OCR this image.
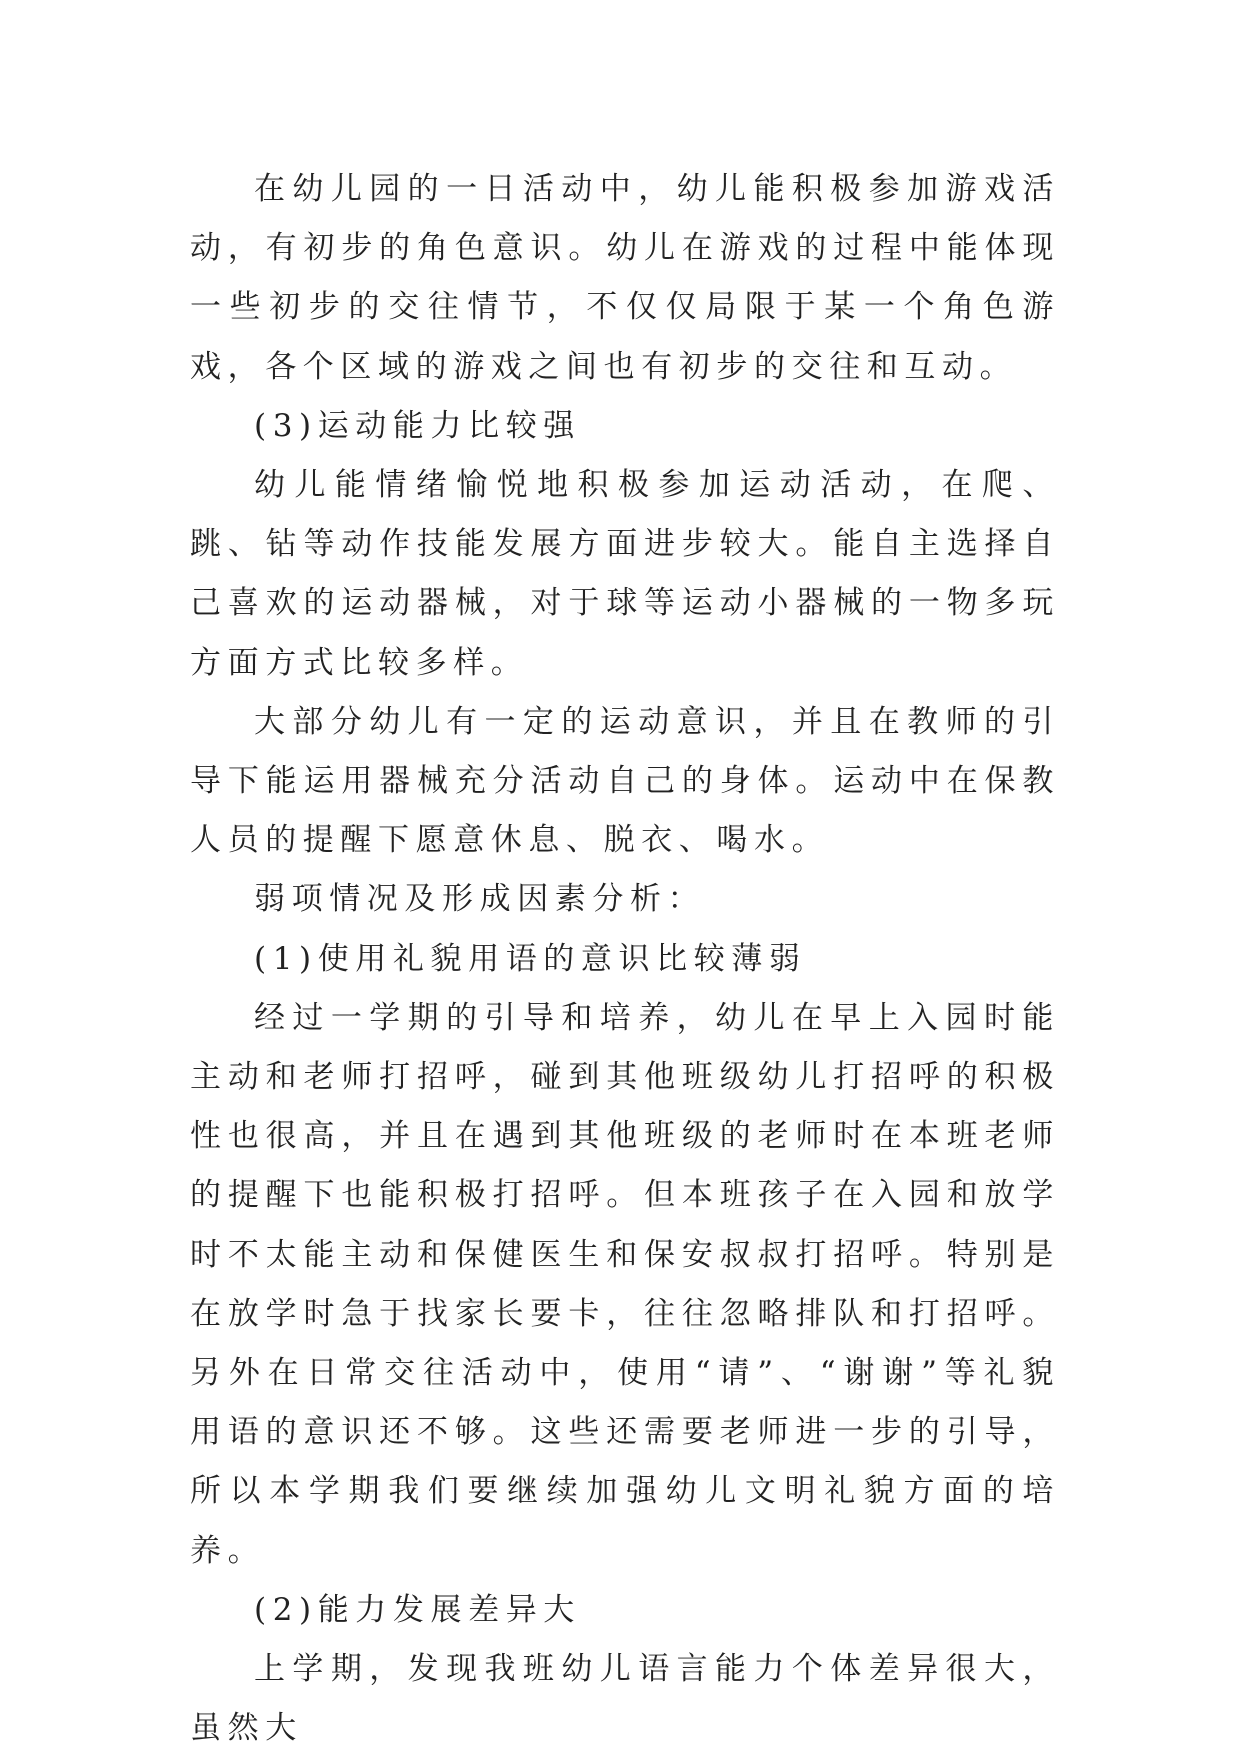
在幼儿园的一日活动中，幼儿能积极参加游戏活动，有初步的角色意识。幼儿在游戏的过程中能体现一些初步的交往情节，不仅仅局限于某一个角色游戏，各个区域的游戏之间也有初步的交往和互动。

(3)运动能力比较强

幼儿能情绪愉悦地积极参加运动活动，在爬、跳、钻等动作技能发展方面进步较大。能自主选择自己喜欢的运动器械，对于球等运动小器械的一物多玩方面方式比较多样。

大部分幼儿有一定的运动意识，并且在教师的引导下能运用器械充分活动自己的身体。运动中在保教人员的提醒下愿意休息、脱衣、喝水。

弱项情况及形成因素分析：

(1)使用礼貌用语的意识比较薄弱

经过一学期的引导和培养，幼儿在早上入园时能主动和老师打招呼，碰到其他班级幼儿打招呼的积极性也很高，并且在遇到其他班级的老师时在本班老师的提醒下也能积极打招呼。但本班孩子在入园和放学时不太能主动和保健医生和保安叔叔打招呼。特别是在放学时急于找家长要卡，往往忽略排队和打招呼。另外在日常交往活动中，使用“请”、“谢谢”等礼貌用语的意识还不够。这些还需要老师进一步的引导，所以本学期我们要继续加强幼儿文明礼貌方面的培养。

(2)能力发展差异大

上学期，发现我班幼儿语言能力个体差异很大，虽然大
